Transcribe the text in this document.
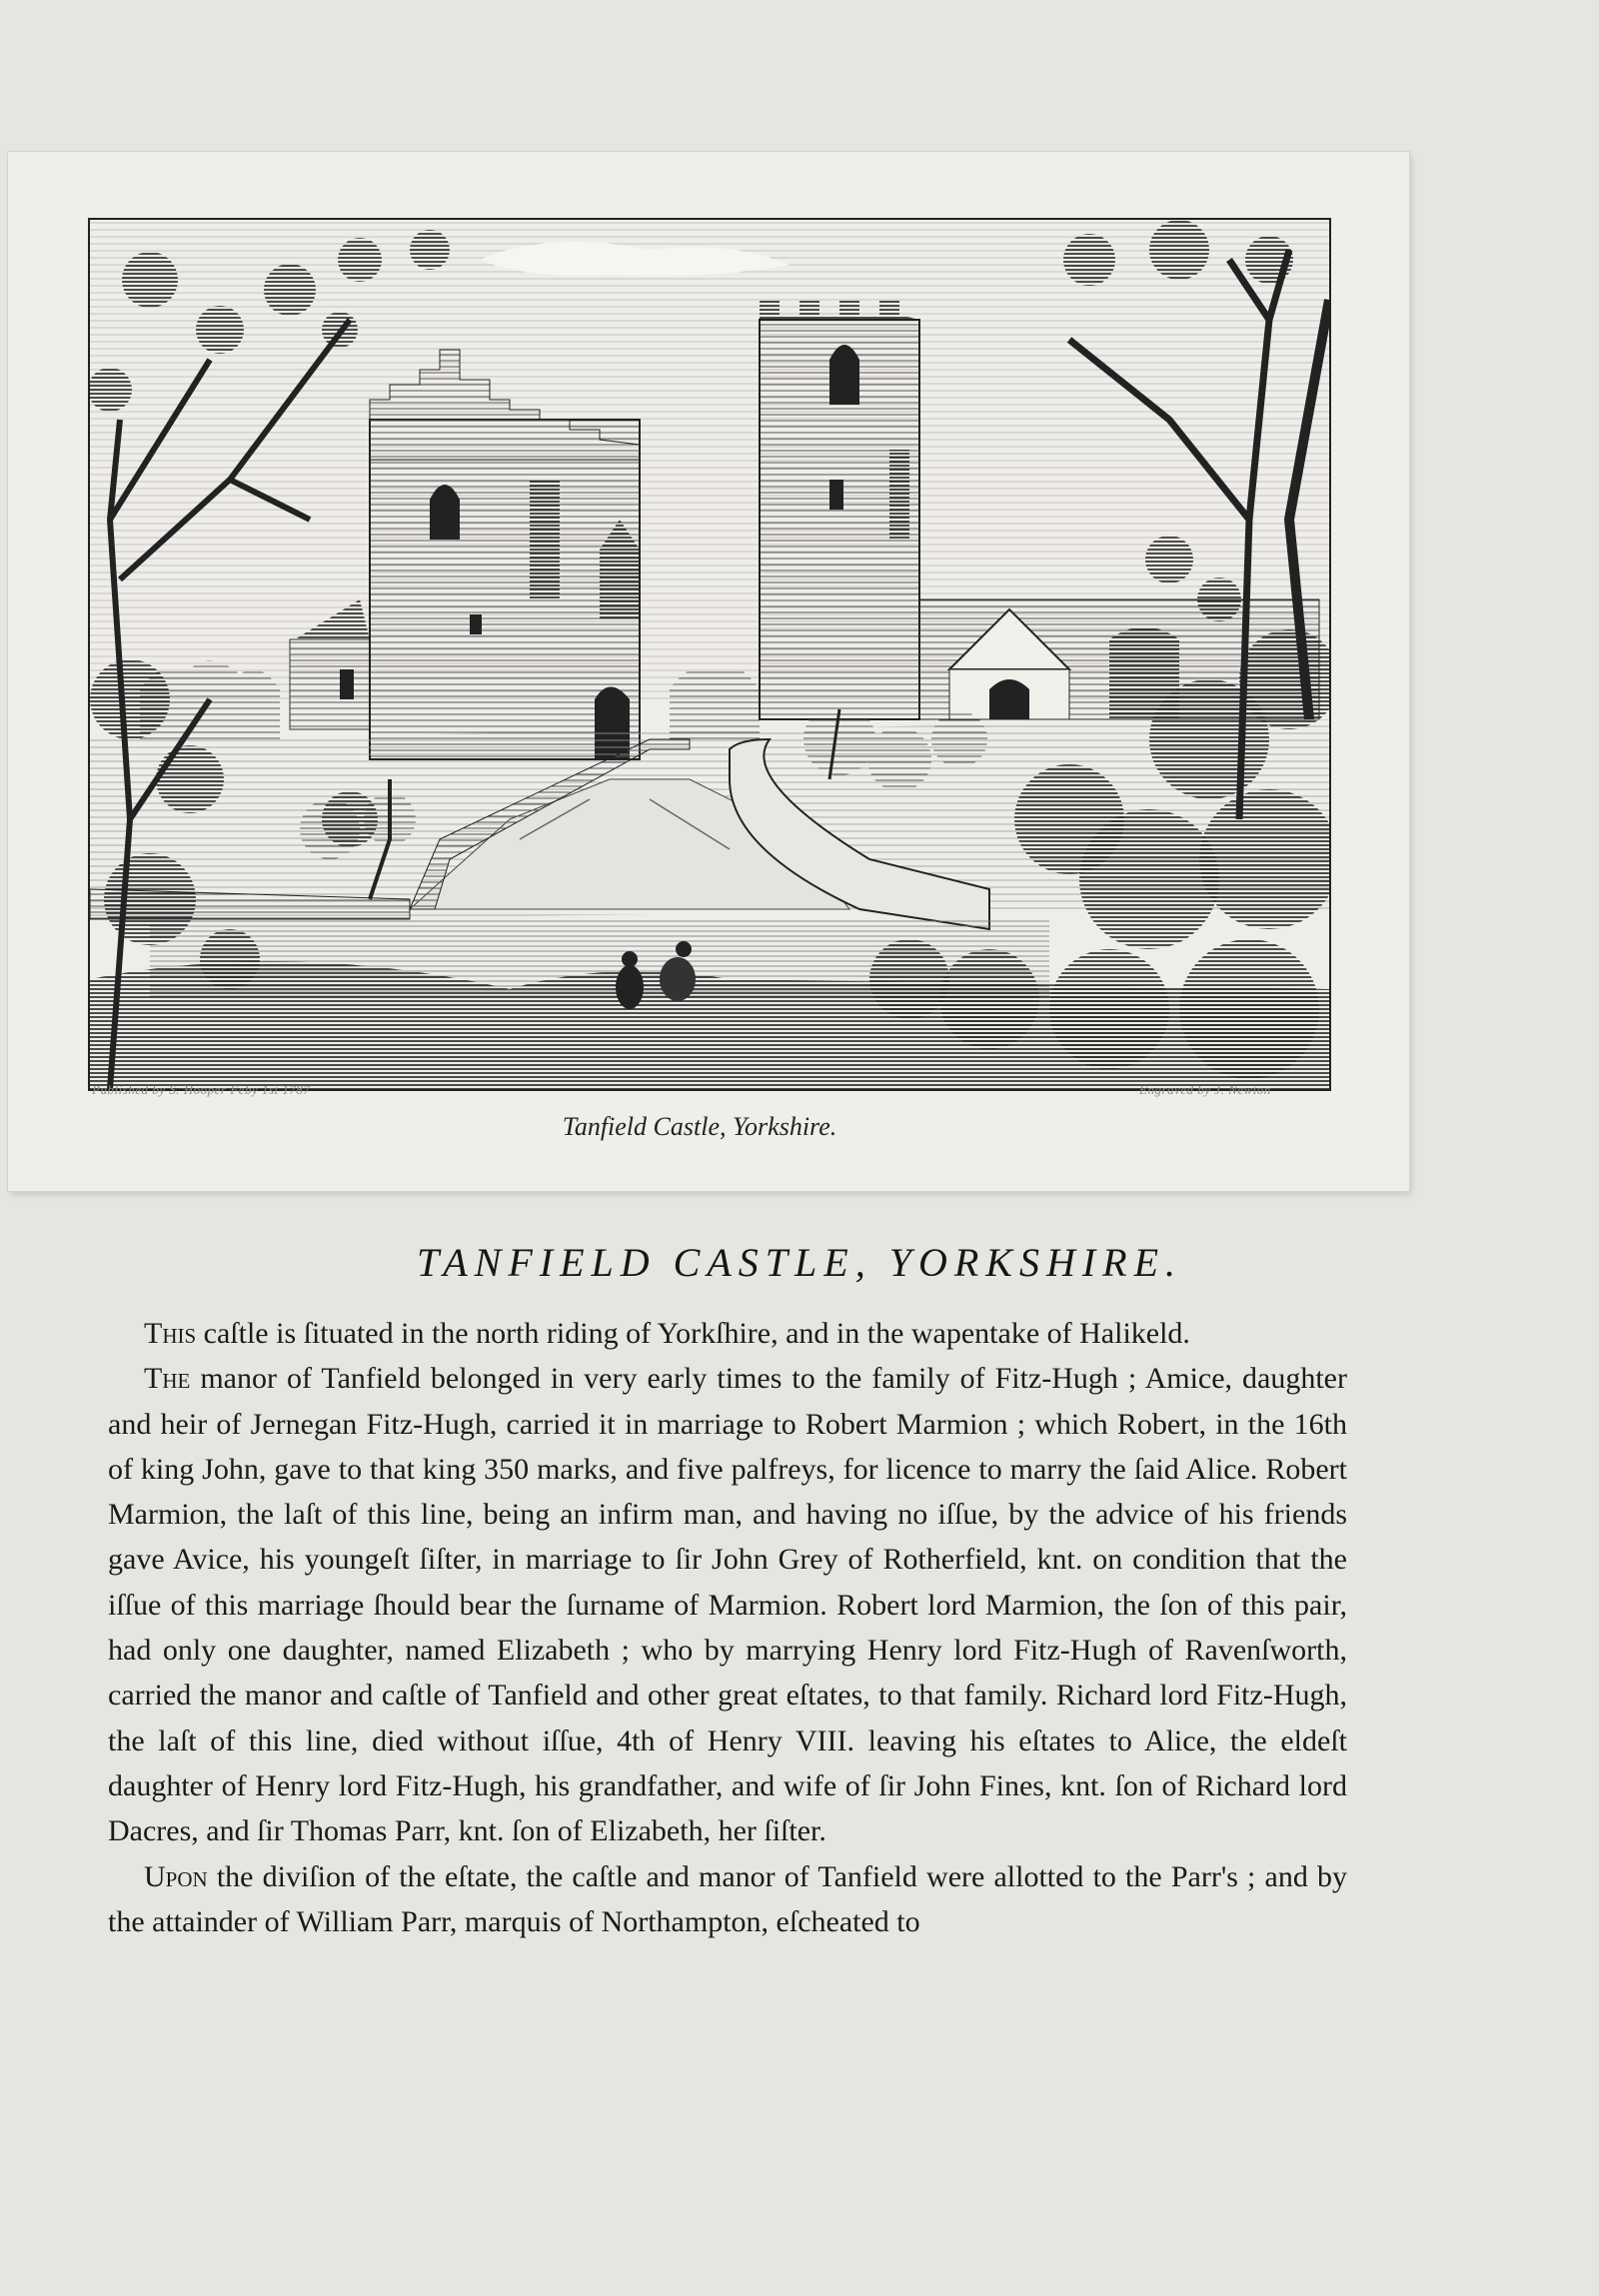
Published by S. Hooper Feby 1st 1787	Engraved by J. Newton
Tanfield Castle, Yorkshire.
TANFIELD CASTLE, YORKSHIRE.

This caſtle is ſituated in the north riding of Yorkſhire, and in the wapentake of Halikeld.

The manor of Tanfield belonged in very early times to the family of Fitz-Hugh ; Amice, daughter and heir of Jernegan Fitz-Hugh, carried it in marriage to Robert Marmion ; which Robert, in the 16th of king John, gave to that king 350 marks, and five palfreys, for licence to marry the ſaid Alice. Robert Marmion, the laſt of this line, being an infirm man, and having no iſſue, by the advice of his friends gave Avice, his youngeſt ſiſter, in marriage to ſir John Grey of Rotherfield, knt. on condition that the iſſue of this marriage ſhould bear the ſurname of Marmion. Robert lord Marmion, the ſon of this pair, had only one daughter, named Elizabeth ; who by marrying Henry lord Fitz-Hugh of Ravenſworth, carried the manor and caſtle of Tanfield and other great eſtates, to that family. Richard lord Fitz-Hugh, the laſt of this line, died without iſſue, 4th of Henry VIII. leaving his eſtates to Alice, the eldeſt daughter of Henry lord Fitz-Hugh, his grandfather, and wife of ſir John Fines, knt. ſon of Richard lord Dacres, and ſir Thomas Parr, knt. ſon of Elizabeth, her ſiſter.

Upon the diviſion of the eſtate, the caſtle and manor of Tanfield were allotted to the Parr's ; and by the attainder of William Parr, marquis of Northampton, eſcheated to
